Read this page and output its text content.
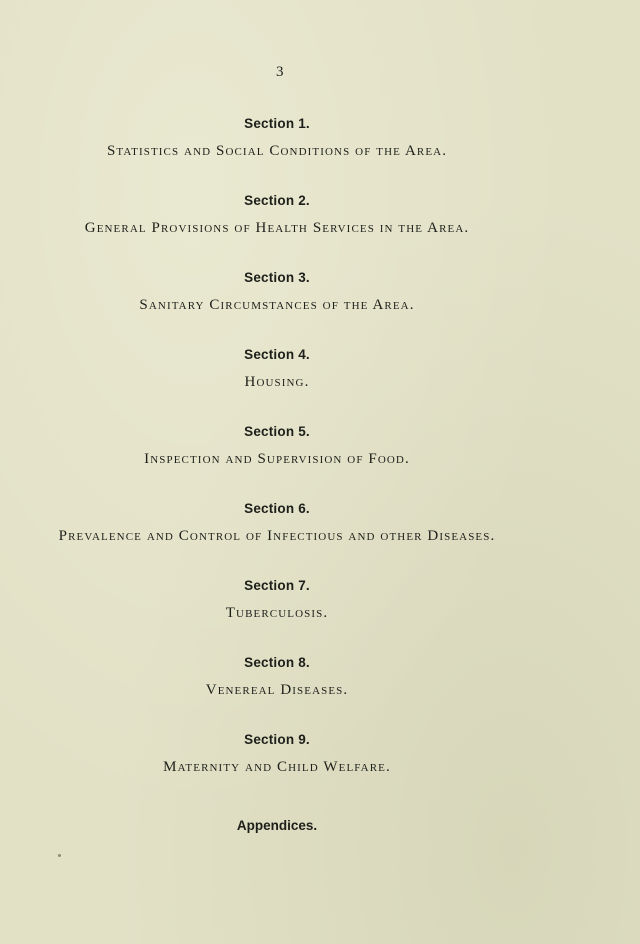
3
Section 1.
Statistics and Social Conditions of the Area.
Section 2.
General Provisions of Health Services in the Area.
Section 3.
Sanitary Circumstances of the Area.
Section 4.
Housing.
Section 5.
Inspection and Supervision of Food.
Section 6.
Prevalence and Control of Infectious and other Diseases.
Section 7.
Tuberculosis.
Section 8.
Venereal Diseases.
Section 9.
Maternity and Child Welfare.
Appendices.
